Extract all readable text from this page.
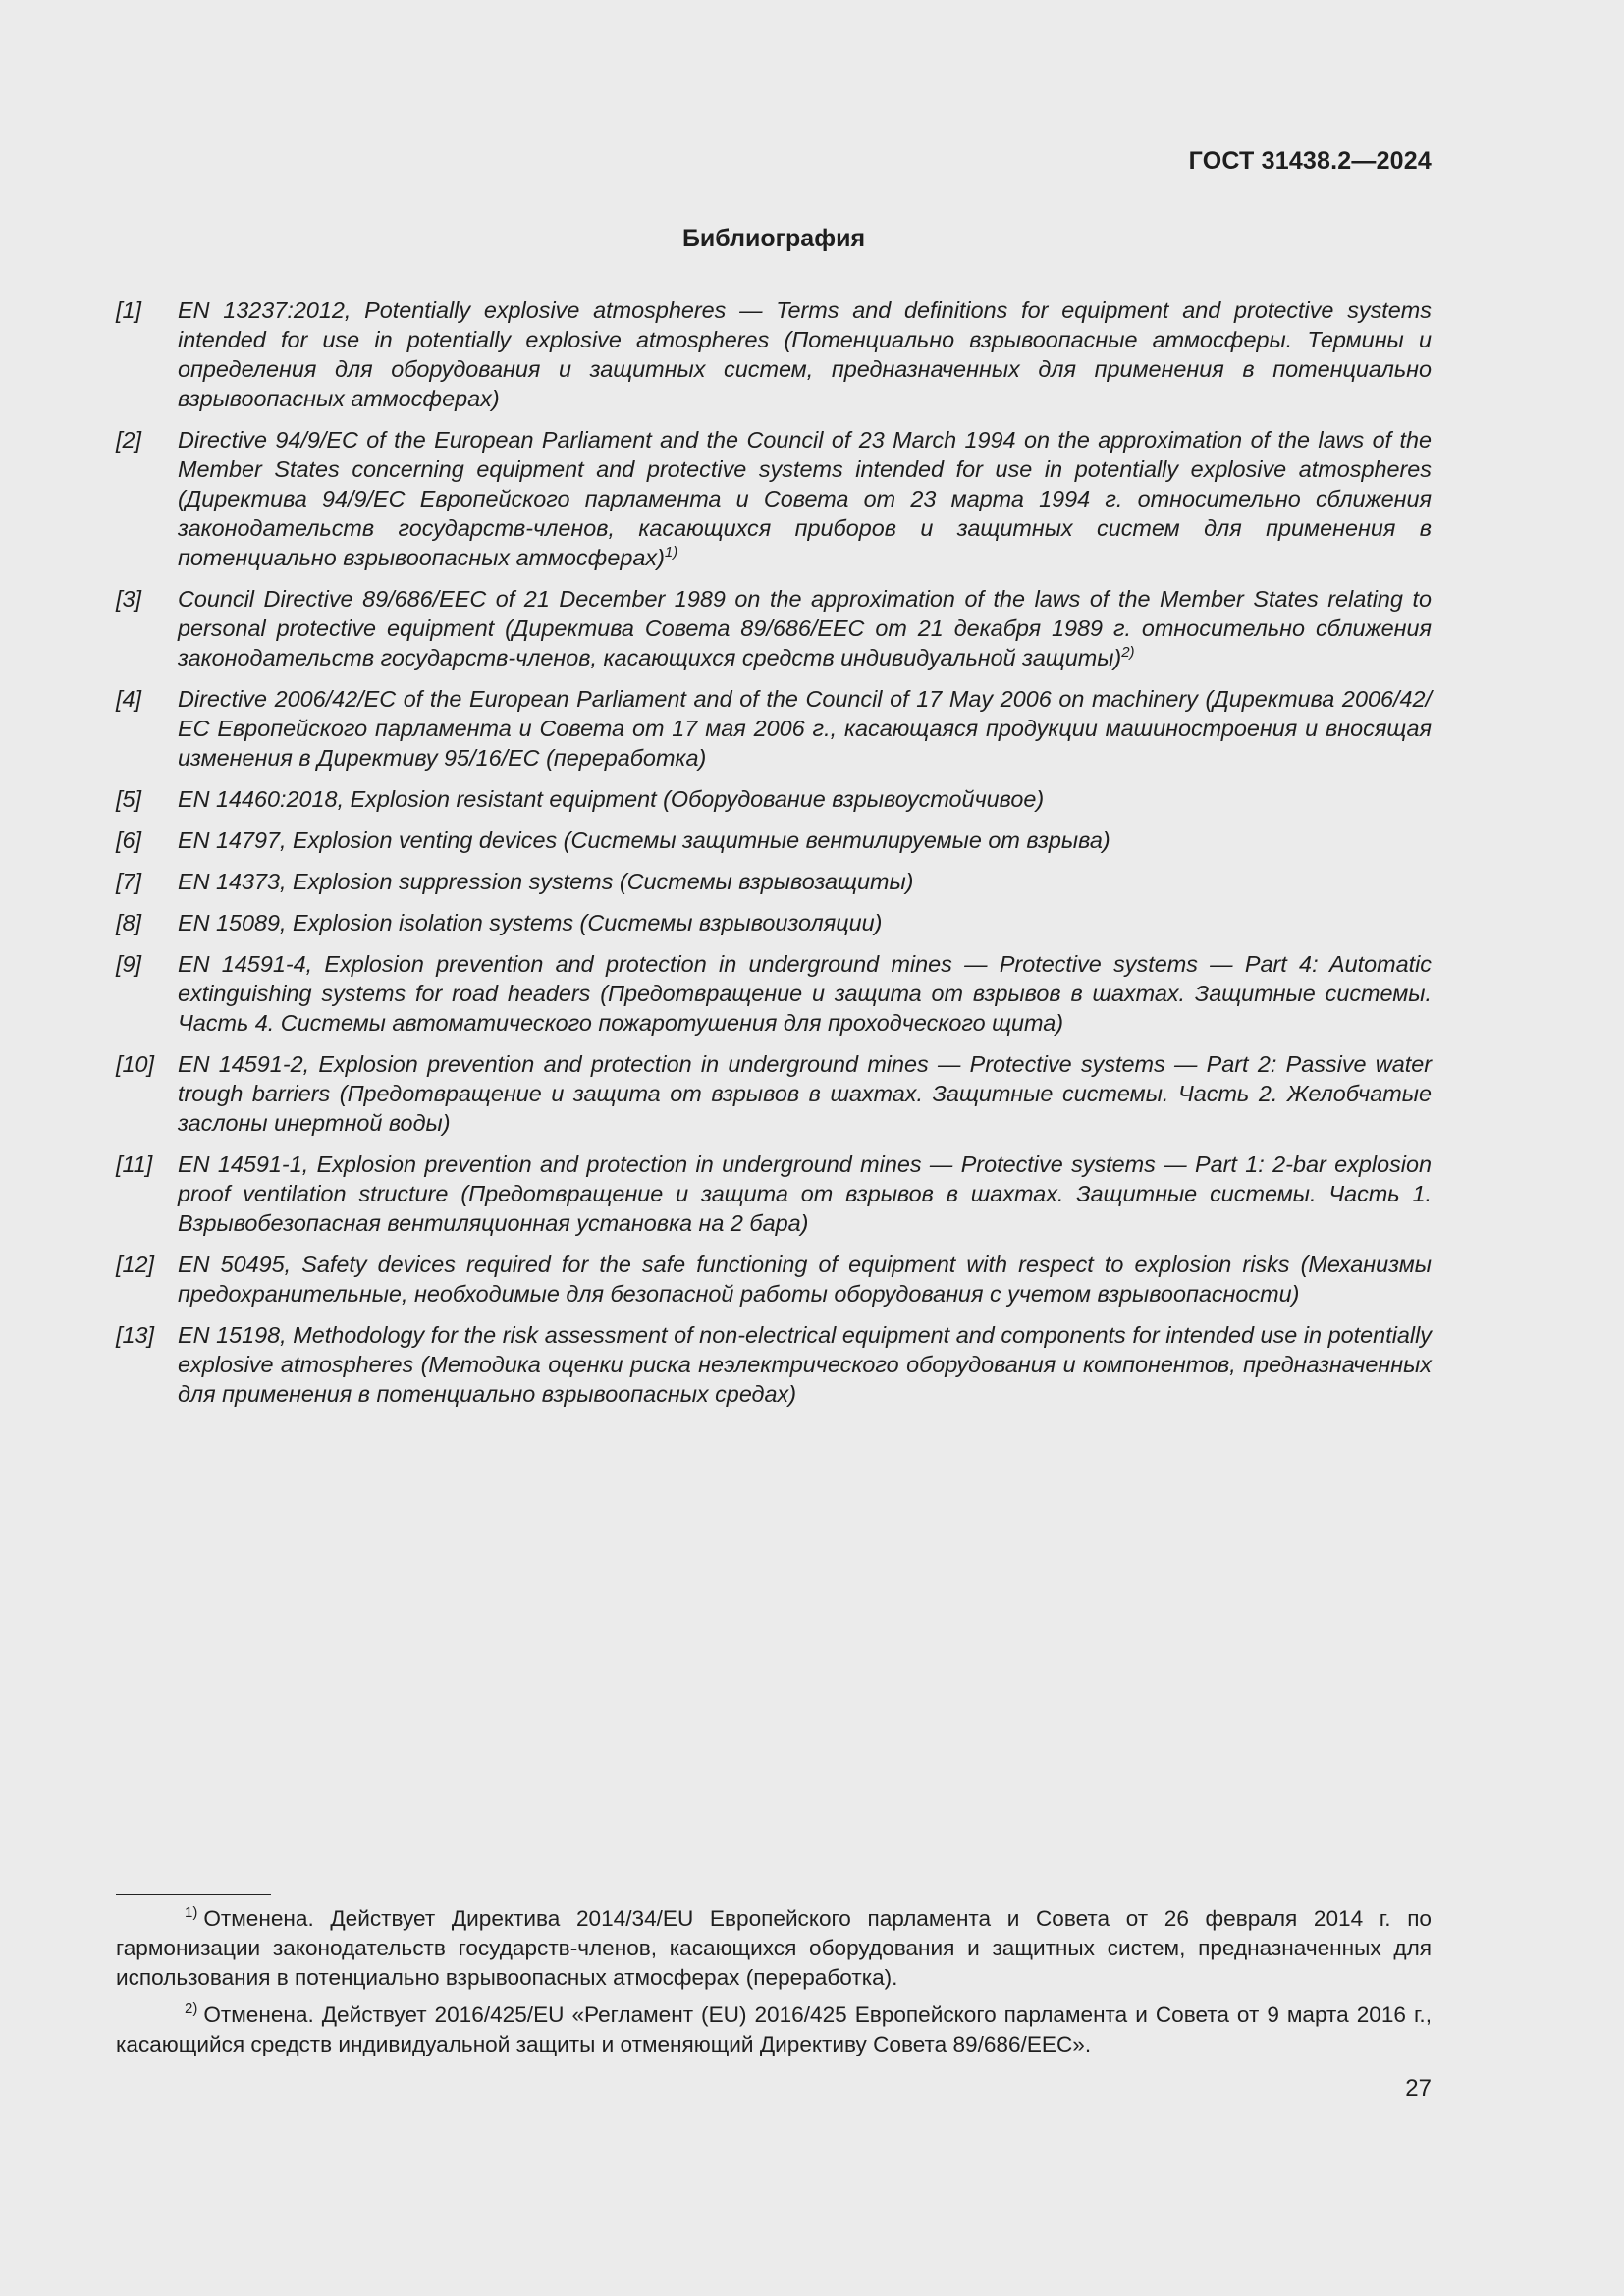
ГОСТ 31438.2—2024
Библиография
[1]	EN 13237:2012, Potentially explosive atmospheres — Terms and definitions for equipment and protective systems intended for use in potentially explosive atmospheres (Потенциально взрывоопасные атмосферы. Термины и определения для оборудования и защитных систем, предназначенных для применения в потенциально взрывоопасных атмосферах)
[2]	Directive 94/9/EC of the European Parliament and the Council of 23 March 1994 on the approximation of the laws of the Member States concerning equipment and protective systems intended for use in potentially explosive atmospheres (Директива 94/9/ЕС Европейского парламента и Совета от 23 марта 1994 г. относительно сближения законодательств государств-членов, касающихся приборов и защитных систем для применения в потенциально взрывоопасных атмосферах)$^{1)}$
[3]	Council Directive 89/686/EEC of 21 December 1989 on the approximation of the laws of the Member States relating to personal protective equipment (Директива Совета 89/686/ЕЕС от 21 декабря 1989 г. относительно сближения законодательств государств-членов, касающихся средств индивидуальной защиты)$^{2)}$
[4]	Directive 2006/42/EC of the European Parliament and of the Council of 17 May 2006 on machinery (Директива 2006/42/ЕС Европейского парламента и Совета от 17 мая 2006 г., касающаяся продукции машиностроения и вносящая изменения в Директиву 95/16/ЕС (переработка)
[5]	EN 14460:2018, Explosion resistant equipment (Оборудование взрывоустойчивое)
[6]	EN 14797, Explosion venting devices (Системы защитные вентилируемые от взрыва)
[7]	EN 14373, Explosion suppression systems (Системы взрывозащиты)
[8]	EN 15089, Explosion isolation systems (Системы взрывоизоляции)
[9]	EN 14591-4, Explosion prevention and protection in underground mines — Protective systems — Part 4: Automatic extinguishing systems for road headers (Предотвращение и защита от взрывов в шахтах. Защитные системы. Часть 4. Системы автоматического пожаротушения для проходческого щита)
[10]	EN 14591-2, Explosion prevention and protection in underground mines — Protective systems — Part 2: Passive water trough barriers (Предотвращение и защита от взрывов в шахтах. Защитные системы. Часть 2. Желобчатые заслоны инертной воды)
[11]	EN 14591-1, Explosion prevention and protection in underground mines — Protective systems — Part 1: 2-bar explosion proof ventilation structure (Предотвращение и защита от взрывов в шахтах. Защитные системы. Часть 1. Взрывобезопасная вентиляционная установка на 2 бара)
[12]	EN 50495, Safety devices required for the safe functioning of equipment with respect to explosion risks (Механизмы предохранительные, необходимые для безопасной работы оборудования с учетом взрывоопасности)
[13]	EN 15198, Methodology for the risk assessment of non-electrical equipment and components for intended use in potentially explosive atmospheres (Методика оценки риска неэлектрического оборудования и компонентов, предназначенных для применения в потенциально взрывоопасных средах)
$^{1)}$ Отменена. Действует Директива 2014/34/EU Европейского парламента и Совета от 26 февраля 2014 г. по гармонизации законодательств государств-членов, касающихся оборудования и защитных систем, предназначенных для использования в потенциально взрывоопасных атмосферах (переработка).
$^{2)}$ Отменена. Действует 2016/425/EU «Регламент (EU) 2016/425 Европейского парламента и Совета от 9 марта 2016 г., касающийся средств индивидуальной защиты и отменяющий Директиву Совета 89/686/EEC».
27
